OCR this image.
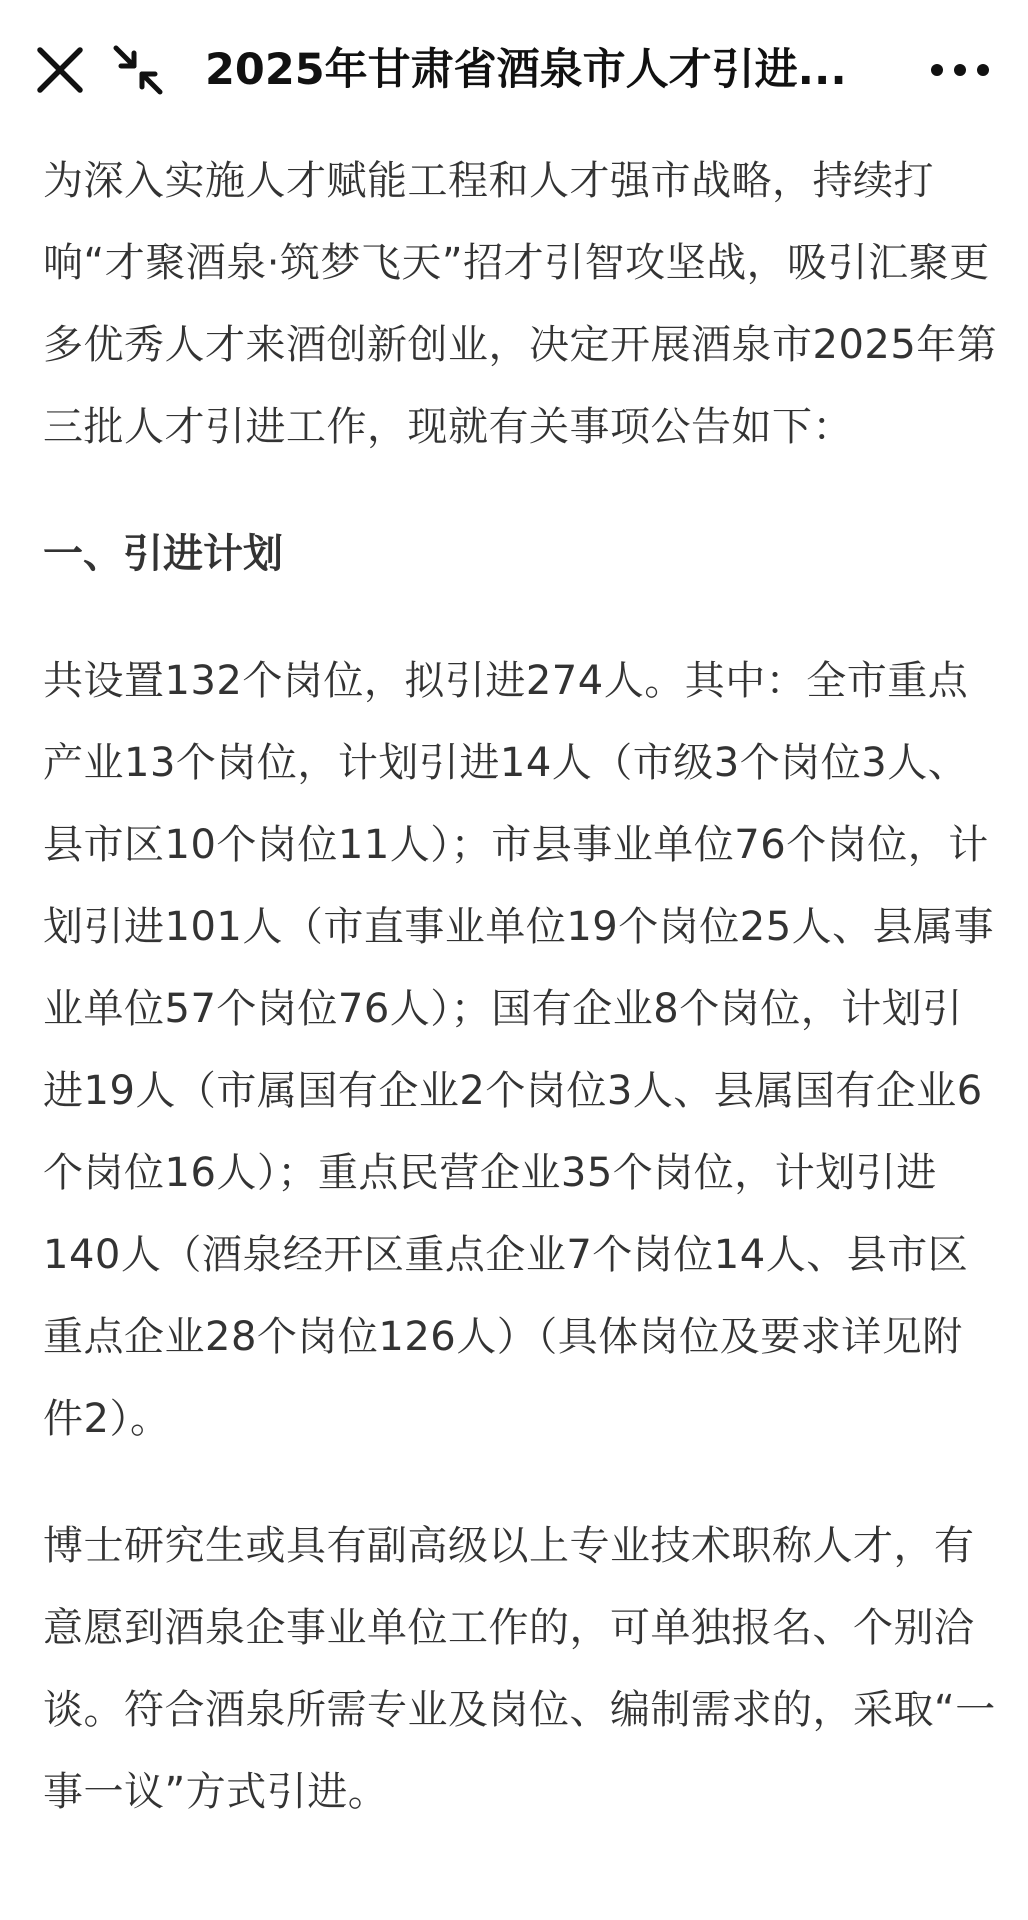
2025年甘肃省酒泉市人才引进...

为深入实施人才赋能工程和人才强市战略，持续打响“才聚酒泉·筑梦飞天”招才引智攻坚战，吸引汇聚更多优秀人才来酒创新创业，决定开展酒泉市2025年第三批人才引进工作，现就有关事项公告如下：

一、引进计划

共设置132个岗位，拟引进274人。其中：全市重点产业13个岗位，计划引进14人（市级3个岗位3人、县市区10个岗位11人）；市县事业单位76个岗位，计划引进101人（市直事业单位19个岗位25人、县属事业单位57个岗位76人）；国有企业8个岗位，计划引进19人（市属国有企业2个岗位3人、县属国有企业6个岗位16人）；重点民营企业35个岗位，计划引进140人（酒泉经开区重点企业7个岗位14人、县市区重点企业28个岗位126人）（具体岗位及要求详见附件2）。

博士研究生或具有副高级以上专业技术职称人才，有意愿到酒泉企事业单位工作的，可单独报名、个别洽谈。符合酒泉所需专业及岗位、编制需求的，采取“一事一议”方式引进。
